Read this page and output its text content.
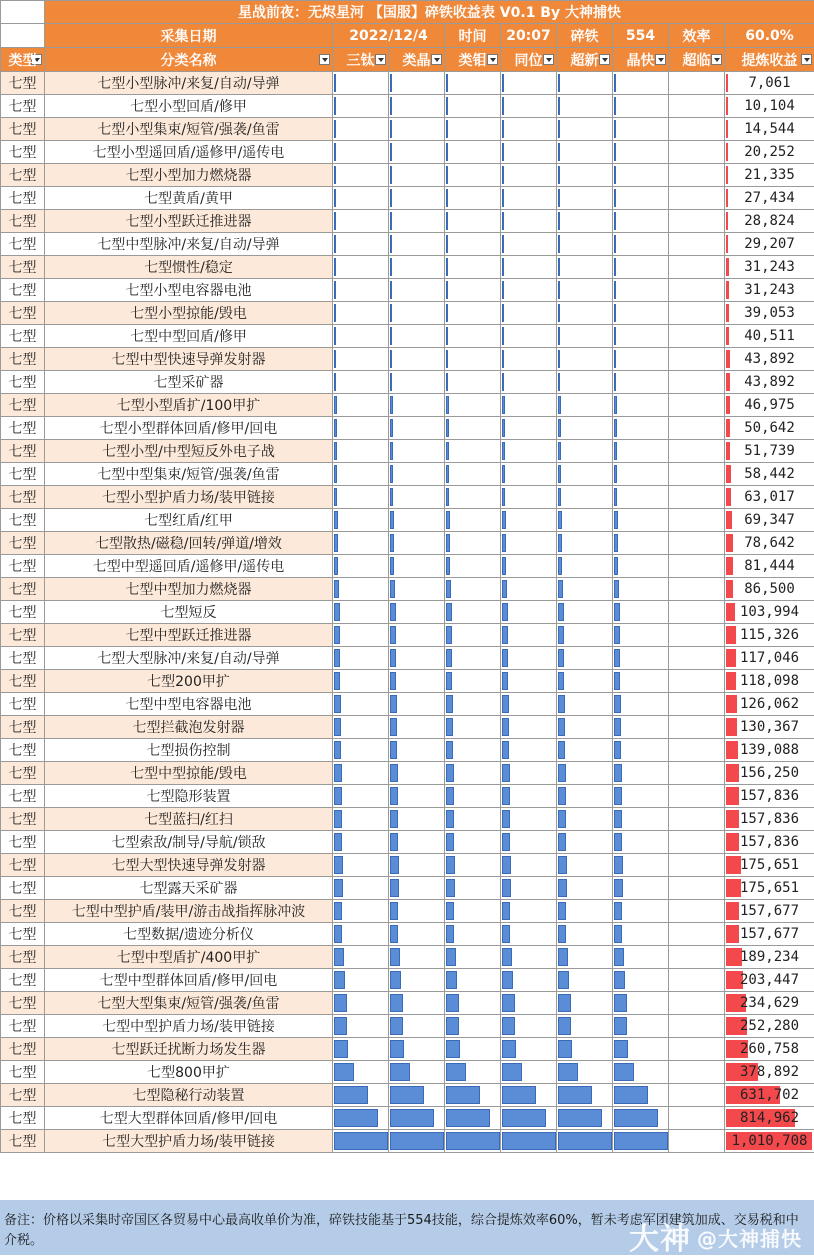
	星战前夜：无烬星河 【国服】碎铁收益表 V0.1 By 大神捕快								
	采集日期	2022/12/4		时间	20:07	碎铁	554	效率	60.0%
类型	分类名称	三钛	类晶	类钼	同位	超新	晶快	超临	提炼收益

七型	七型小型脉冲/来复/自动/导弹								7,061
七型	七型小型回盾/修甲								10,104
七型	七型小型集束/短管/强袭/鱼雷								14,544
七型	七型小型遥回盾/遥修甲/遥传电								20,252
七型	七型小型加力燃烧器								21,335
七型	七型黄盾/黄甲								27,434
七型	七型小型跃迁推进器								28,824
七型	七型中型脉冲/来复/自动/导弹								29,207
七型	七型惯性/稳定								31,243
七型	七型小型电容器电池								31,243
七型	七型小型掠能/毁电								39,053
七型	七型中型回盾/修甲								40,511
七型	七型中型快速导弹发射器								43,892
七型	七型采矿器								43,892
七型	七型小型盾扩/100甲扩								46,975
七型	七型小型群体回盾/修甲/回电								50,642
七型	七型小型/中型短反外电子战								51,739
七型	七型中型集束/短管/强袭/鱼雷								58,442
七型	七型小型护盾力场/装甲链接								63,017
七型	七型红盾/红甲								69,347
七型	七型散热/磁稳/回转/弹道/增效								78,642
七型	七型中型遥回盾/遥修甲/遥传电								81,444
七型	七型中型加力燃烧器								86,500
七型	七型短反								103,994
七型	七型中型跃迁推进器								115,326
七型	七型大型脉冲/来复/自动/导弹								117,046
七型	七型200甲扩								118,098
七型	七型中型电容器电池								126,062
七型	七型拦截泡发射器								130,367
七型	七型损伤控制								139,088
七型	七型中型掠能/毁电								156,250
七型	七型隐形装置								157,836
七型	七型蓝扫/红扫								157,836
七型	七型索敌/制导/导航/锁敌								157,836
七型	七型大型快速导弹发射器								175,651
七型	七型露天采矿器								175,651
七型	七型中型护盾/装甲/游击战指挥脉冲波								157,677
七型	七型数据/遗迹分析仪								157,677
七型	七型中型盾扩/400甲扩								189,234
七型	七型中型群体回盾/修甲/回电								203,447
七型	七型大型集束/短管/强袭/鱼雷								234,629
七型	七型中型护盾力场/装甲链接								252,280
七型	七型跃迁扰断力场发生器								260,758
七型	七型800甲扩								378,892
七型	七型隐秘行动装置								631,702
七型	七型大型群体回盾/修甲/回电								814,962
七型	七型大型护盾力场/装甲链接								1,010,708
备注：价格以采集时帝国区各贸易中心最高收单价为准，碎铁技能基于554技能，综合提炼效率60%，暂未考虑军团建筑加成、交易税和中介税。	大神 @大神捕快
